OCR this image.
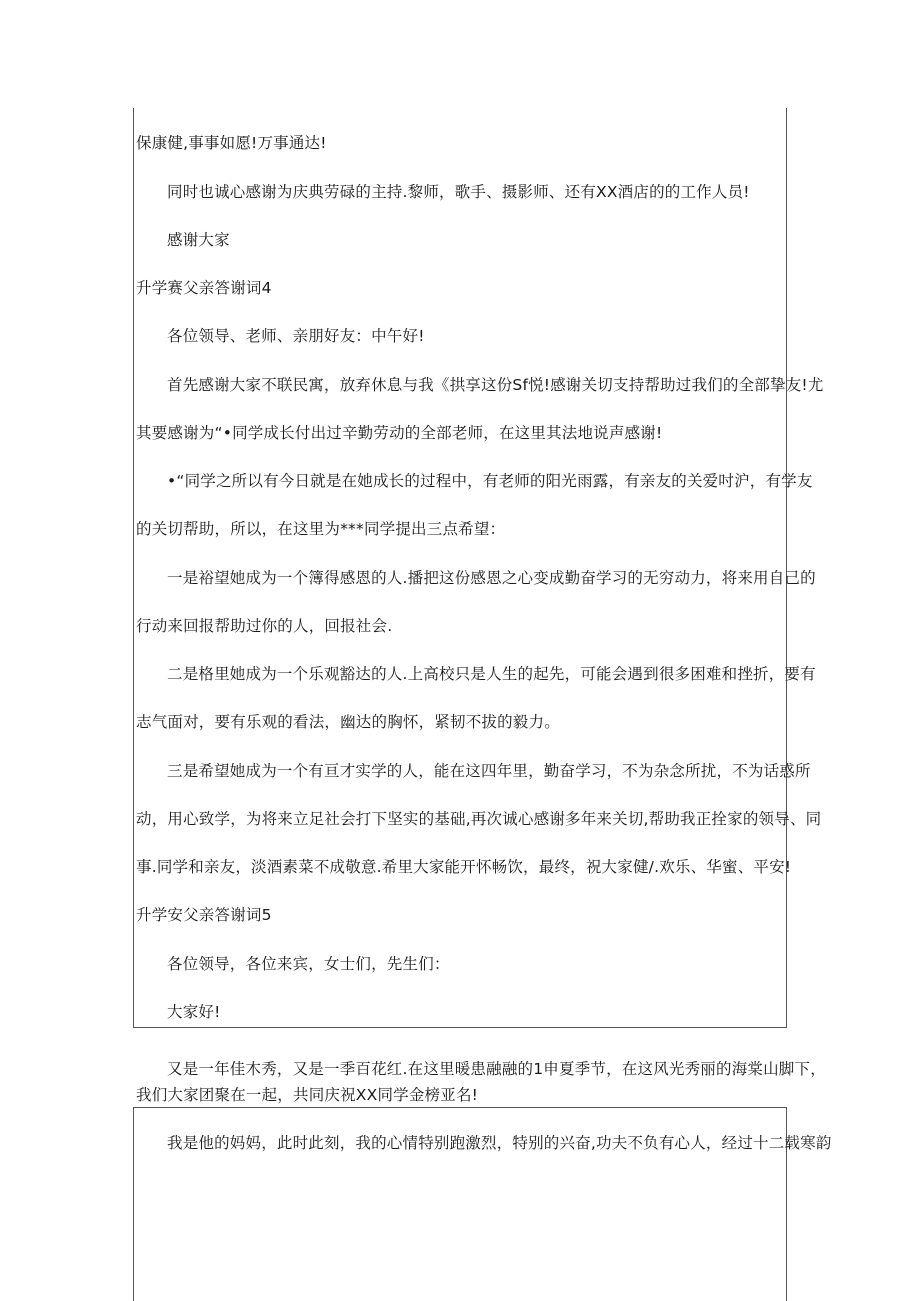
保康健,事事如愿!万事通达!
同时也诚心感谢为庆典劳碌的主持.黎师，歌手、摄影师、还有XX酒店的的工作人员!
感谢大家
升学赛父亲答谢词4
各位领导、老师、亲朋好友：中午好!
首先感谢大家不联民寓，放弃休息与我《拱享这份Sf悦!感谢关切支持帮助过我们的全部挚友!尤
其要感谢为“•同学成长付出过辛勤劳动的全部老师，在这里其法地说声感谢!
•“同学之所以有今日就是在她成长的过程中，有老师的阳光雨露，有亲友的关爱吋沪，有学友
的关切帮助，所以，在这里为***同学提出三点希望：
一是裕望她成为一个簿得感恩的人.播把这份感恩之心变成勤奋学习的无穷动力，将来用自己的
行动来回报帮助过你的人，回报社会.
二是格里她成为一个乐观豁达的人.上高校只是人生的起先，可能会遇到很多困难和挫折，要有
志气面对，要有乐观的看法，幽达的胸怀，紧韧不拔的毅力。
三是希望她成为一个有亘才实学的人，能在这四年里，勤奋学习，不为杂念所扰，不为话惑所
动，用心致学，为将来立足社会打下坚实的基础,再次诚心感谢多年来关切,帮助我正拴家的领导、同
事.同学和亲友，淡酒素菜不成敬意.希里大家能开怀畅饮，最终，祝大家健/.欢乐、华蜜、平安!
升学安父亲答谢词5
各位领导，各位来宾，女士们，先生们：
大家好!
又是一年佳木秀，又是一季百花红.在这里暖患融融的1申夏季节，在这风光秀丽的海棠山脚下，
我们大家团聚在一起，共同庆祝XX同学金榜亚名!
我是他的妈妈，此时此刻，我的心情特别跑激烈，特别的兴奋,功夫不负有心人，经过十二载寒韵
